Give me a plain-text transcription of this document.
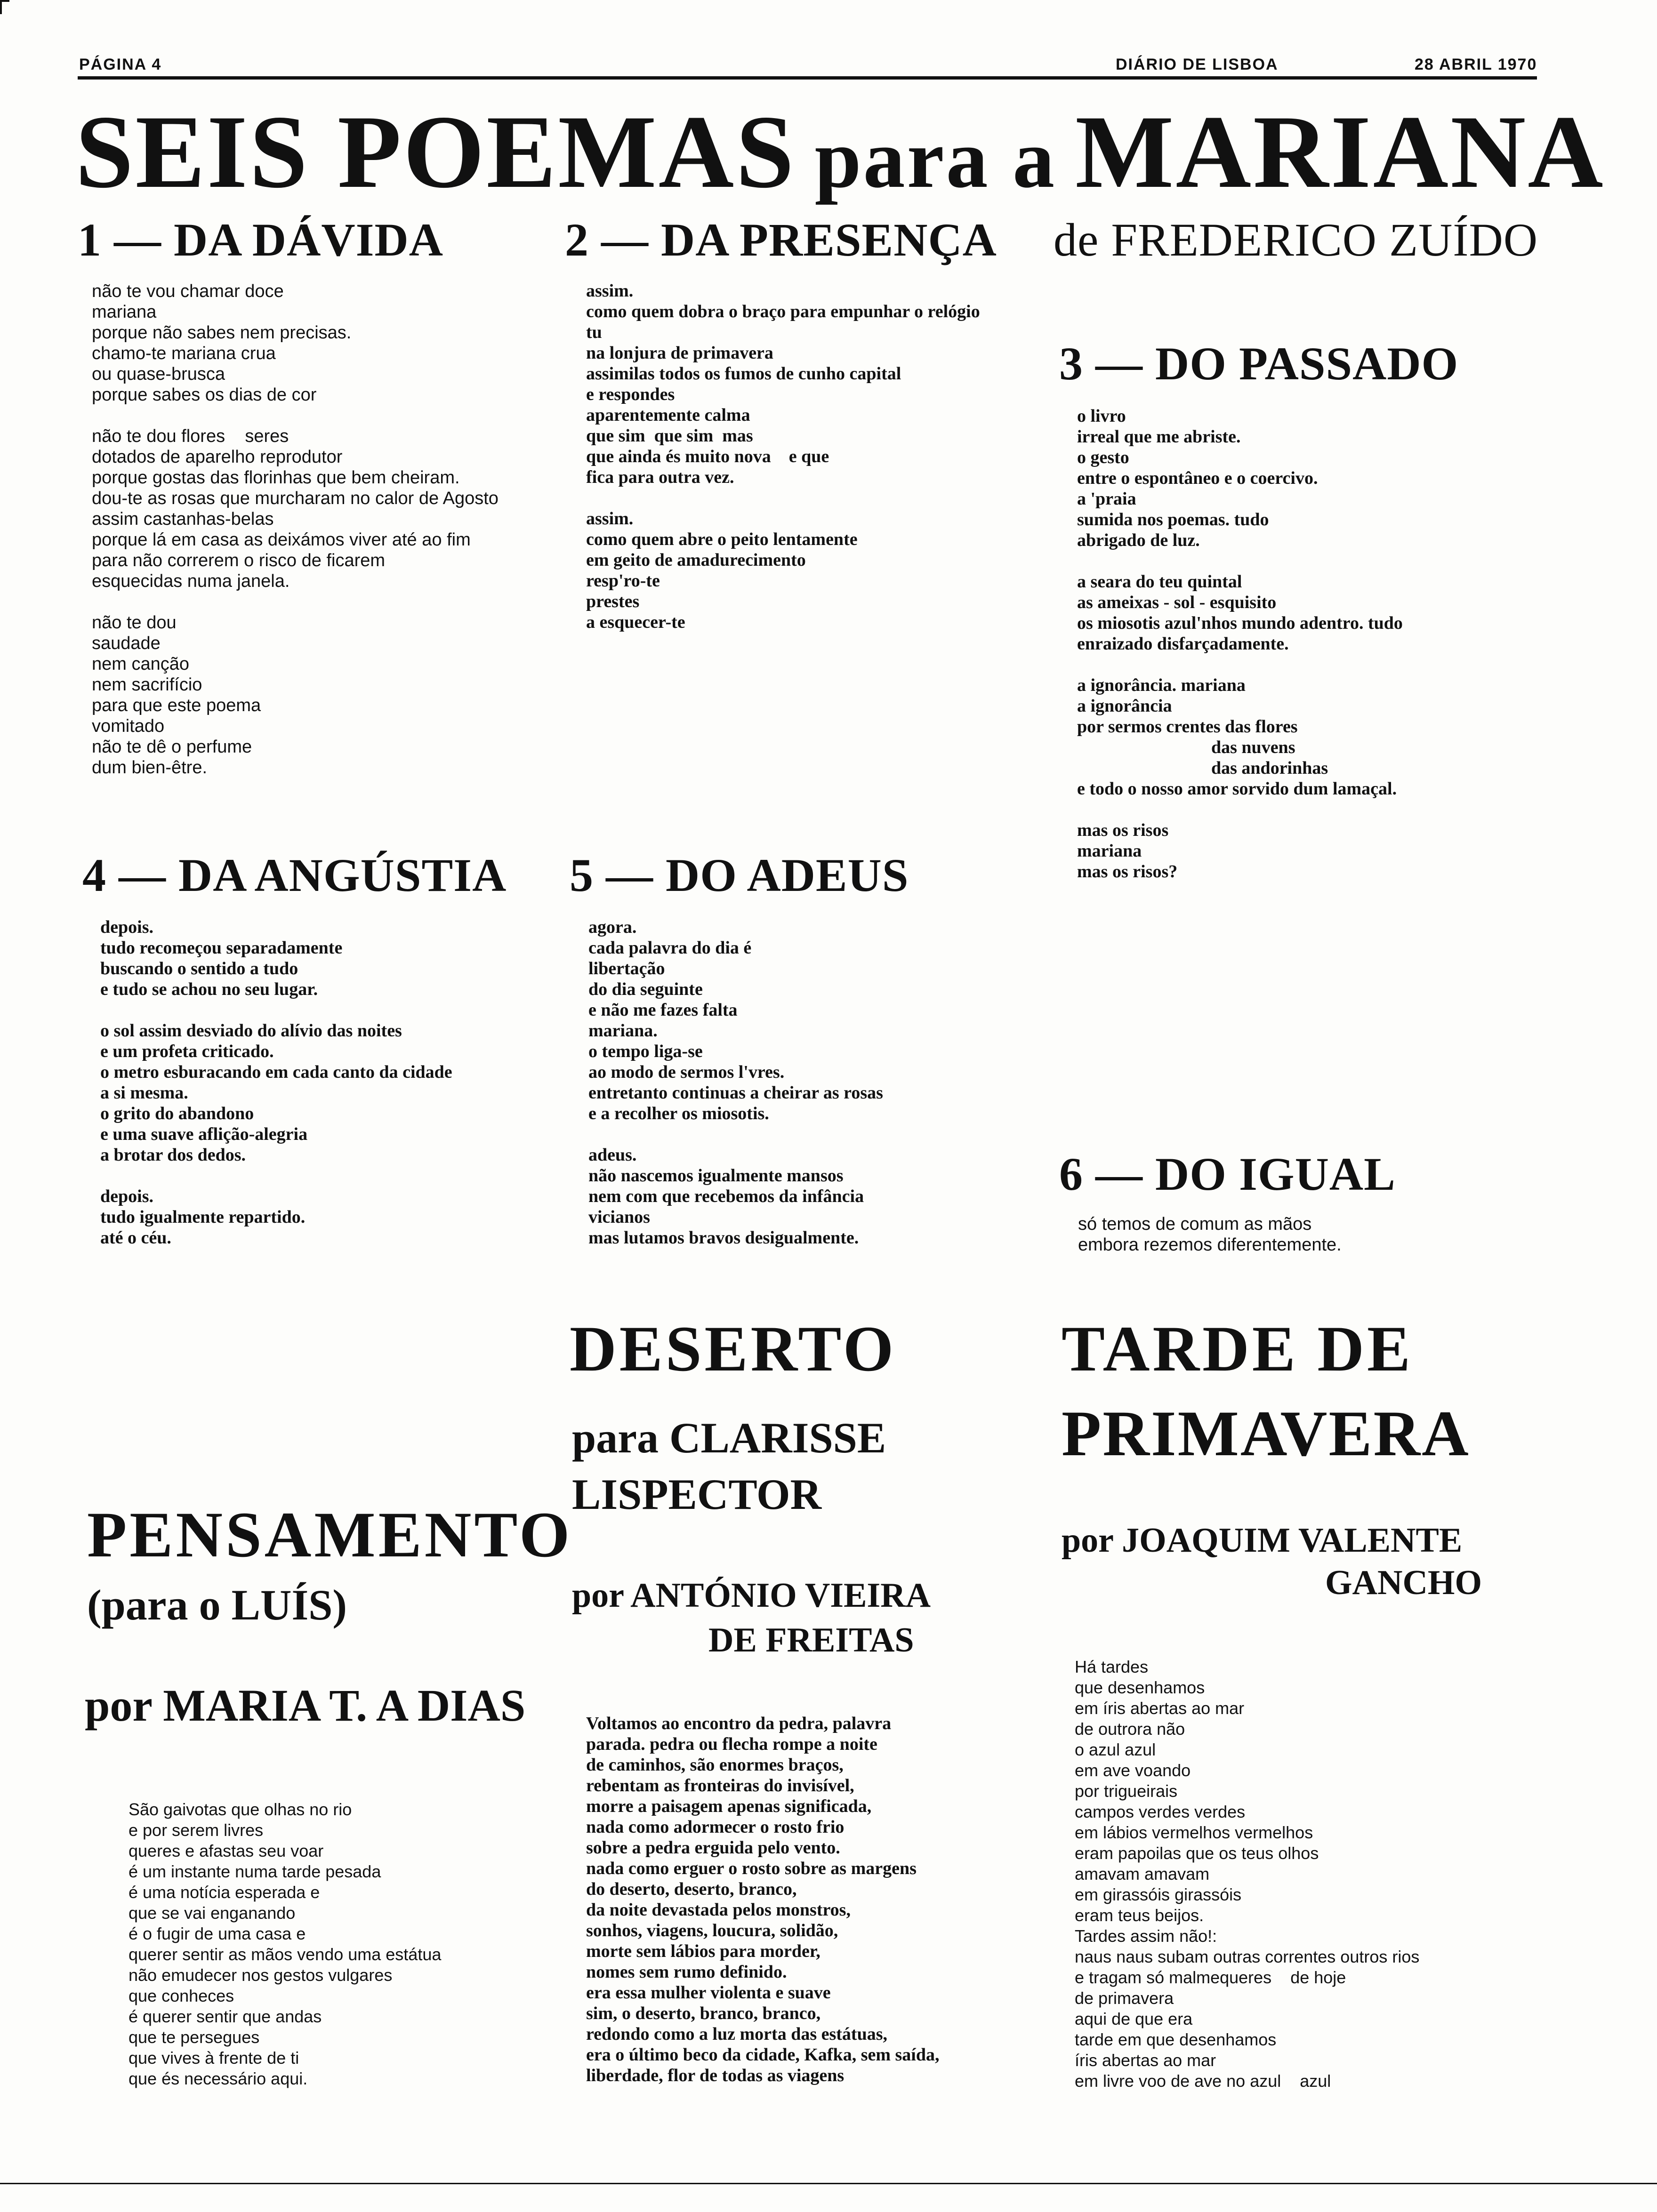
PÁGINA 4	DIÁRIO DE LISBOA	28 ABRIL 1970
SEIS POEMAS para a MARIANA
1 — DA DÁVIDA	2 — DA PRESENÇA de FREDERICO ZUÍDO
3 — DO PASSADO
4 — DA ANGÚSTIA 5 — DO ADEUS
6 — DO IGUAL
não te vou chamar doce
mariana
porque não sabes nem precisas.
chamo-te mariana crua
ou quase-brusca
porque sabes os dias de cor
não te dou flores    seres
dotados de aparelho reprodutor
porque gostas das florinhas que bem cheiram.
dou-te as rosas que murcharam no calor de Agosto
assim castanhas-belas
porque lá em casa as deixámos viver até ao fim
para não correrem o risco de ficarem
esquecidas numa janela.
não te dou
saudade
nem canção
nem sacrifício
para que este poema
vomitado
não te dê o perfume
dum bien-être.
assim.
como quem dobra o braço para empunhar o relógio
tu
na lonjura de primavera
assimilas todos os fumos de cunho capital
e respondes
aparentemente calma
que sim  que sim  mas
que ainda és muito nova    e que
fica para outra vez.
assim.
como quem abre o peito lentamente
em geito de amadurecimento
resp'ro-te
prestes
a esquecer-te
o livro
irreal que me abriste.
o gesto
entre o espontâneo e o coercivo.
a 'praia
sumida nos poemas. tudo
abrigado de luz.
a seara do teu quintal
as ameixas - sol - esquisito
os miosotis azul'nhos mundo adentro. tudo
enraizado disfarçadamente.
a ignorância. mariana
a ignorância
por sermos crentes das flores
das nuvens
das andorinhas
e todo o nosso amor sorvido dum lamaçal.
mas os risos
mariana
mas os risos?
depois.
tudo recomeçou separadamente
buscando o sentido a tudo
e tudo se achou no seu lugar.
o sol assim desviado do alívio das noites
e um profeta criticado.
o metro esburacando em cada canto da cidade
a si mesma.
o grito do abandono
e uma suave aflição-alegria
a brotar dos dedos.
depois.
tudo igualmente repartido.
até o céu.
agora.
cada palavra do dia é
libertação
do dia seguinte
e não me fazes falta
mariana.
o tempo liga-se
ao modo de sermos l'vres.
entretanto continuas a cheirar as rosas
e a recolher os miosotis.
adeus.
não nascemos igualmente mansos
nem com que recebemos da infância
vicianos
mas lutamos bravos desigualmente.
só temos de comum as mãos
embora rezemos diferentemente.
PENSAMENTO
(para o LUÍS)
por MARIA T. A DIAS
São gaivotas que olhas no rio
e por serem livres
queres e afastas seu voar
é um instante numa tarde pesada
é uma notícia esperada e
que se vai enganando
é o fugir de uma casa e
querer sentir as mãos vendo uma estátua
não emudecer nos gestos vulgares
que conheces
é querer sentir que andas
que te persegues
que vives à frente de ti
que és necessário aqui.
DESERTO
para CLARISSE
LISPECTOR
por ANTÓNIO VIEIRA
DE FREITAS
Voltamos ao encontro da pedra, palavra
parada. pedra ou flecha rompe a noite
de caminhos, são enormes braços,
rebentam as fronteiras do invisível,
morre a paisagem apenas significada,
nada como adormecer o rosto frio
sobre a pedra erguida pelo vento.
nada como erguer o rosto sobre as margens
do deserto, deserto, branco,
da noite devastada pelos monstros,
sonhos, viagens, loucura, solidão,
morte sem lábios para morder,
nomes sem rumo definido.
era essa mulher violenta e suave
sim, o deserto, branco, branco,
redondo como a luz morta das estátuas,
era o último beco da cidade, Kafka, sem saída,
liberdade, flor de todas as viagens
TARDE DE
PRIMAVERA
por JOAQUIM VALENTE
GANCHO
Há tardes
que desenhamos
em íris abertas ao mar
de outrora não
o azul azul
em ave voando
por trigueirais
campos verdes verdes
em lábios vermelhos vermelhos
eram papoilas que os teus olhos
amavam amavam
em girassóis girassóis
eram teus beijos.
Tardes assim não!:
naus naus subam outras correntes outros rios
e tragam só malmequeres    de hoje
de primavera
aqui de que era
tarde em que desenhamos
íris abertas ao mar
em livre voo de ave no azul    azul
